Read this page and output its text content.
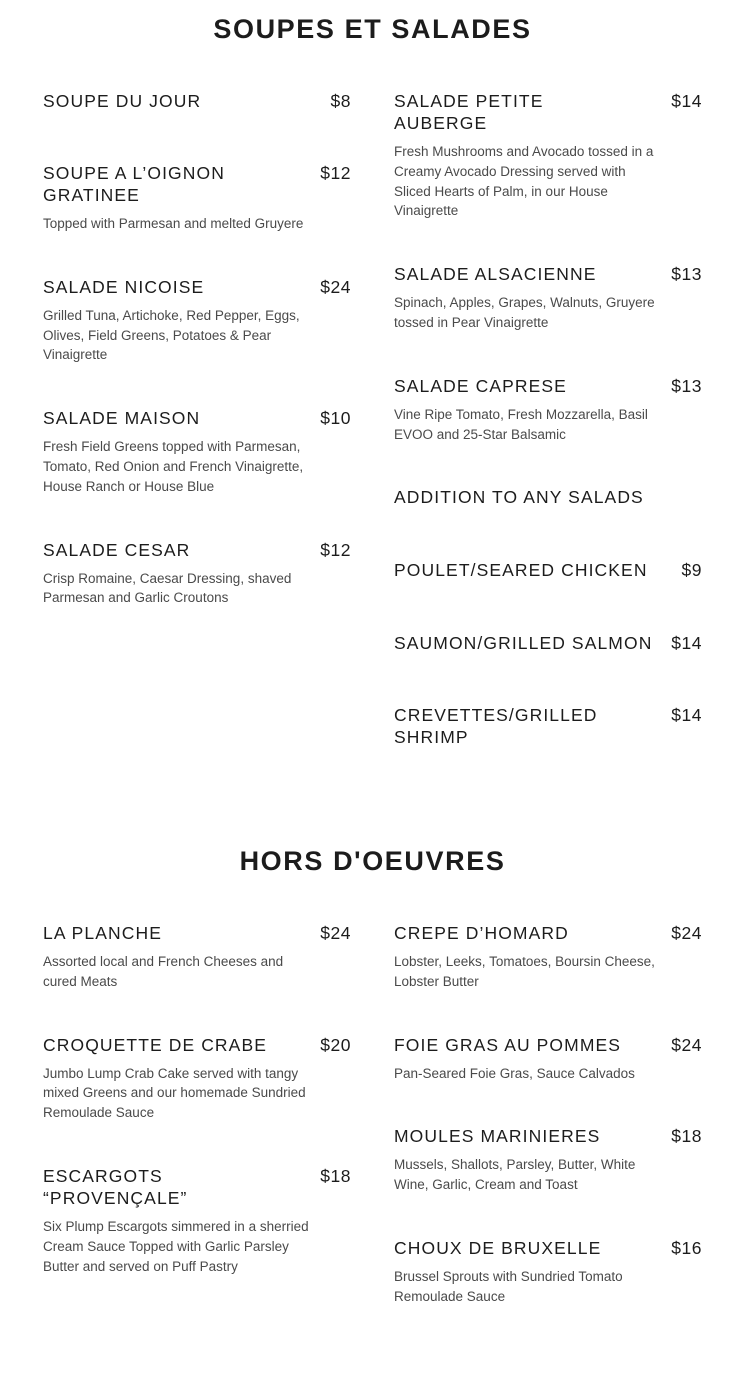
SOUPES ET SALADES
SOUPE DU JOUR	$8
SOUPE A L’OIGNON GRATINEE
$12
Topped with Parmesan and melted Gruyere
SALADE NICOISE	$24
Grilled Tuna, Artichoke, Red Pepper, Eggs, Olives, Field Greens, Potatoes & Pear Vinaigrette
SALADE MAISON	$10
Fresh Field Greens topped with Parmesan, Tomato, Red Onion and French Vinaigrette, House Ranch or House Blue
SALADE CESAR	$12
Crisp Romaine, Caesar Dressing, shaved Parmesan and Garlic Croutons
SALADE PETITE AUBERGE
$14
Fresh Mushrooms and Avocado tossed in a Creamy Avocado Dressing served with Sliced Hearts of Palm, in our House Vinaigrette
SALADE ALSACIENNE	$13
Spinach, Apples, Grapes, Walnuts, Gruyere tossed in Pear Vinaigrette
SALADE CAPRESE	$13
Vine Ripe Tomato, Fresh Mozzarella, Basil EVOO and 25-Star Balsamic
ADDITION TO ANY SALADS
POULET/SEARED CHICKEN $9
SAUMON/GRILLED SALMON $14
CREVETTES/GRILLED SHRIMP
$14
HORS D'OEUVRES
LA PLANCHE	$24
Assorted local and French Cheeses and cured Meats
CROQUETTE DE CRABE	$20
Jumbo Lump Crab Cake served with tangy mixed Greens and our homemade Sundried Remoulade Sauce
ESCARGOTS “PROVENÇALE”
$18
Six Plump Escargots simmered in a sherried Cream Sauce Topped with Garlic Parsley Butter and served on Puff Pastry
CREPE D’HOMARD	$24
Lobster, Leeks, Tomatoes, Boursin Cheese, Lobster Butter
FOIE GRAS AU POMMES	$24
Pan-Seared Foie Gras, Sauce Calvados
MOULES MARINIERES	$18
Mussels, Shallots, Parsley, Butter, White Wine, Garlic, Cream and Toast
CHOUX DE BRUXELLE	$16
Brussel Sprouts with Sundried Tomato Remoulade Sauce
